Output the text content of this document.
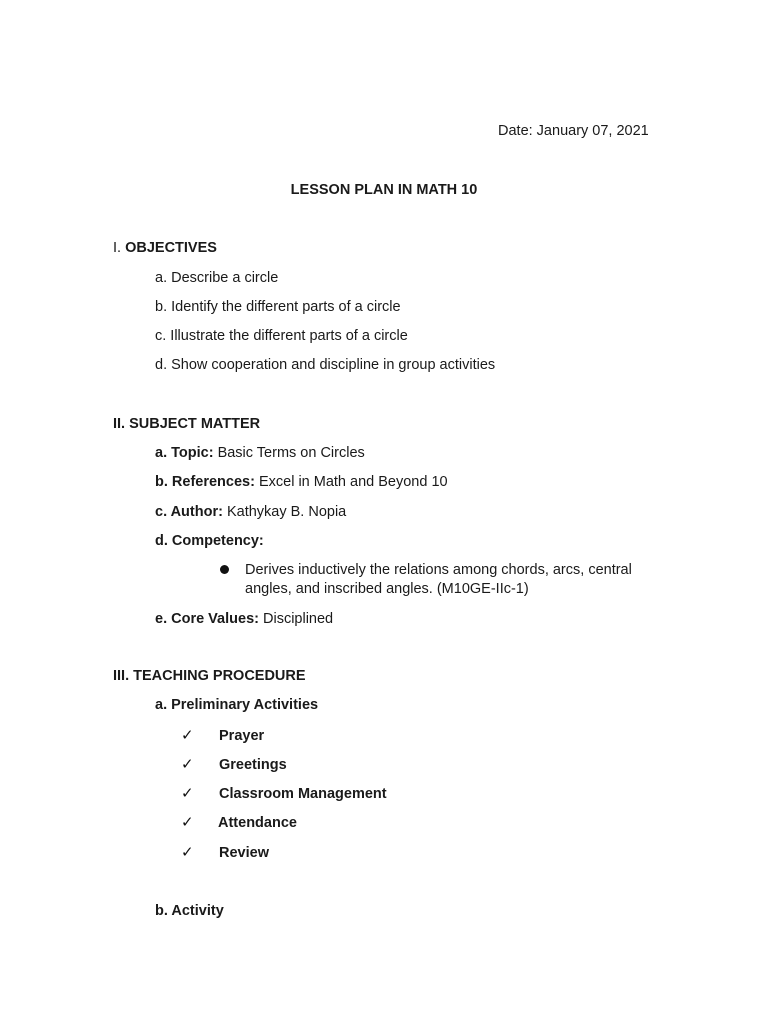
Date: January 07, 2021
LESSON PLAN IN MATH 10
I. OBJECTIVES
a. Describe a circle
b. Identify the different parts of a circle
c. Illustrate the different parts of a circle
d. Show cooperation and discipline in group activities
II. SUBJECT MATTER
a. Topic: Basic Terms on Circles
b. References: Excel in Math and Beyond 10
c. Author: Kathykay B. Nopia
d. Competency:
Derives inductively the relations among chords, arcs, central
angles, and inscribed angles. (M10GE-IIc-1)
e. Core Values: Disciplined
III. TEACHING PROCEDURE
a. Preliminary Activities
✓ Prayer
✓ Greetings
✓ Classroom Management
✓ Attendance
✓ Review
b. Activity
